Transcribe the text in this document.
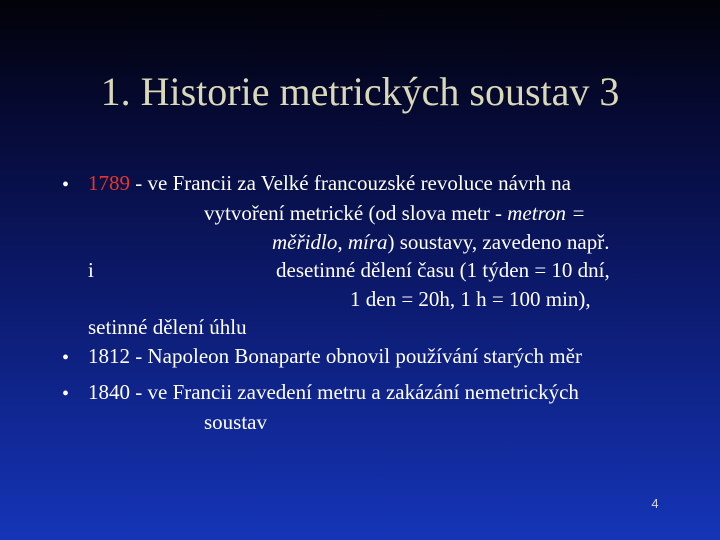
1. Historie metrických soustav 3
• 1789 - ve Francii za Velké francouzské revoluce návrh na
vytvoření metrické (od slova metr - metron =
měřidlo, míra) soustavy, zavedeno např.
i	desetinné dělení času (1 týden = 10 dní,
1 den = 20h, 1 h = 100 min),
setinné dělení úhlu
• 1812 - Napoleon Bonaparte obnovil používání starých měr
• 1840 - ve Francii zavedení metru a zakázání nemetrických
soustav
4
